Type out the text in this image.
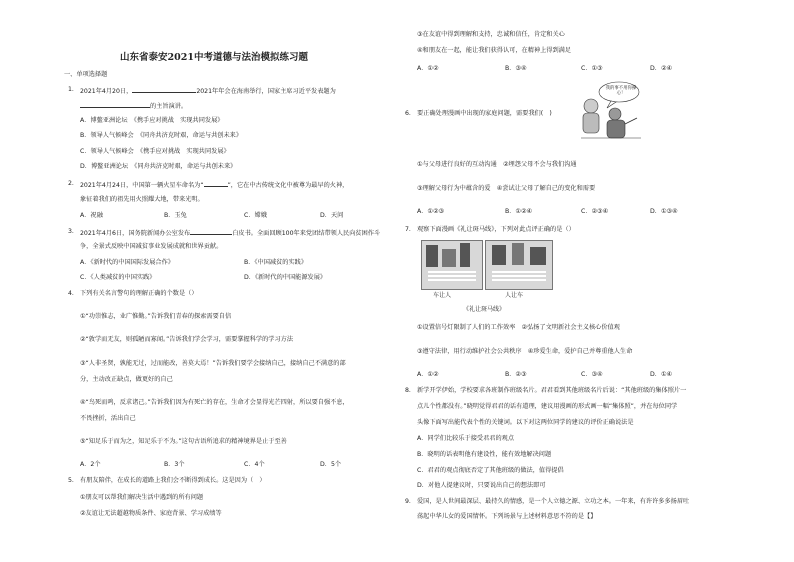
山东省泰安2021中考道德与法治模拟练习题
一、单项选择题
1. 2021年4月20日，	2021年年会在海南举行，国家主席习近平发表题为
的主旨演讲。
A．博鳌亚洲论坛　《携手应对挑战　实现共同发展》
B．领导人气候峰会　《同舟共济克时艰，命运与共创未来》
C．领导人气候峰会　《携手应对挑战　实现共同发展》
D．博鳌亚洲论坛　《同舟共济克时艰，命运与共创未来》
2. 2021年4月24日，中国第一辆火星车命名为“	”，它在中古传统文化中被尊为最早的火神，
象征着我们的祖先用火照耀大地，带来光明。
A．祝融	B．玉兔	C．嫦娥	D．天问
3. 2021年4月6日，国务院新闻办公室发布	白皮书。全面回顾100年来党团结带领人民向贫困作斗
争，全景式反映中国减贫事业发展成就和世界贡献。
A．《新时代的中国国际发展合作》	B．《中国减贫的实践》
C．《人类减贫的中国实践》	D．《新时代的中国能源发展》
4. 下列有关名言警句的理解正确的个数是（）
①“功崇惟志，业广惟勤。”告诉我们青春的探索需要自信
②“敦学而无友，则孤陋而寡闻。”告诉我们学会学习，需要掌握科学的学习方法
③“人非圣贤，孰能无过，过而能改，善莫大焉！”告诉我们要学会接纳自己，接纳自己不满意的部
分，主动改正缺点，做更好的自己
④“鸟死而鸣，反求诸己。”告诉我们因为有死亡的存在，生命才会显得光芒四射，所以要自强不息，
不畏挫折，活出自己
⑤“知足乐于而为之，知足乐于不为。”这句古语所追求的精神境界是止于至善
A．2个	B．3个	C．4个	D．5个
5. 有朋友陪伴，在成长的道路上我们会不断得到成长。这是因为（　）
①朋友可以帮我们解决生活中遇到的所有问题
②友谊让无法超越物质条件、家庭背景、学习成绩等
③在友谊中得到理解和支持，忠诚和信任，肯定和关心
④和朋友在一起，能让我们获得认可，在精神上得到满足
A．①②	B．③④	C．①③	D．②④
6. 要正确处理漫画中出现的家庭问题，需要我们(　)
我的事不用你操心！
①与父母进行良好的互动沟通　②埋怨父母不会与我们沟通
③理解父母行为中蕴含的爱　④尝试让父母了解自己的变化和需要
A．①②③	B．①②④	C．②③④	D．①③④
7. 观察下面漫画《礼让斑马线》，下列对此点评正确的是（）
车让人	人让车
《礼让斑马线》
①设置信号灯限制了人们的工作效率　②弘扬了文明新社会主义核心价值观
③遵守法律，用行动维护社会公共秩序　④珍爱生命，爱护自己并尊重他人生命
A．①②	B．②③	C．③④	D．①④
8. 新学开学伊始，学校要求各班制作班级名片。君君看到其他班级名片后说：“其他班级的集体照片一
点儿个性都没有。”晓明觉得君君的话有道理，建议用漫画的形式画一幅“集体照”，并在每位同学
头像下面写出能代表个性的关键词。以下对这两位同学的建议的评价正确说法是
A．同学们比较乐于接受君君的观点
B．晓明的话表明他有建设性，能有效地解决问题
C．君君的观点彻底否定了其他班级的做法，值得提倡
D．对他人提建议时，只要说出自己的想法即可
9. 爱国，是人世间最深层、最持久的情感，是一个人立德之源、立功之本。一年来，有许许多多扬眉吐
荡起中华儿女的爱国情怀。下列场景与上述材料意思不符的是【】
